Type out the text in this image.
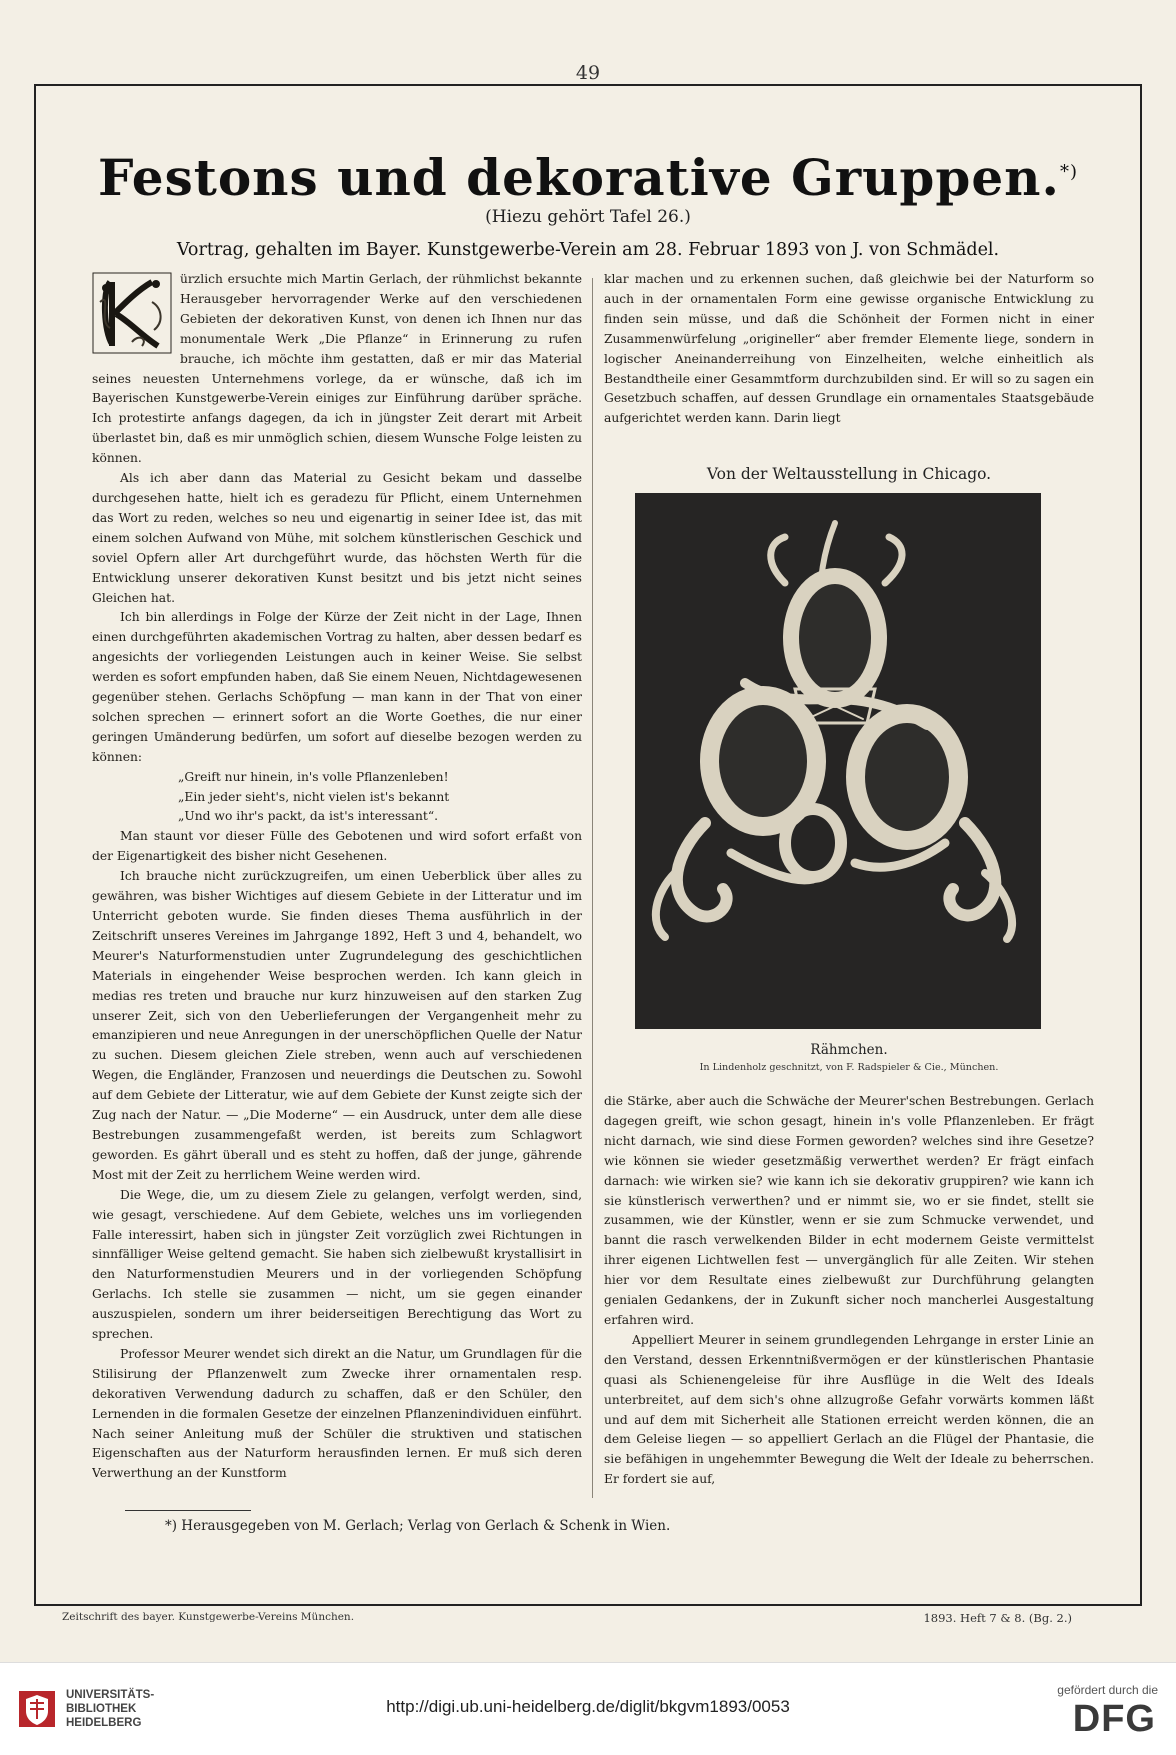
49
Festons und dekorative Gruppen.*)
(Hiezu gehört Tafel 26.)
Vortrag, gehalten im Bayer. Kunstgewerbe-Verein am 28. Februar 1893 von J. von Schmädel.

ürzlich ersuchte mich Martin Gerlach, der rühmlichst bekannte Herausgeber hervorragender Werke auf den verschiedenen Gebieten der dekorativen Kunst, von denen ich Ihnen nur das monumentale Werk „Die Pflanze“ in Erinnerung zu rufen brauche, ich möchte ihm gestatten, daß er mir das Material seines neuesten Unternehmens vorlege, da er wünsche, daß ich im Bayerischen Kunstgewerbe-Verein einiges zur Einführung darüber spräche. Ich protestirte anfangs dagegen, da ich in jüngster Zeit derart mit Arbeit überlastet bin, daß es mir unmöglich schien, diesem Wunsche Folge leisten zu können.

Als ich aber dann das Material zu Gesicht bekam und dasselbe durchgesehen hatte, hielt ich es geradezu für Pflicht, einem Unternehmen das Wort zu reden, welches so neu und eigenartig in seiner Idee ist, das mit einem solchen Aufwand von Mühe, mit solchem künstlerischen Geschick und soviel Opfern aller Art durchgeführt wurde, das höchsten Werth für die Entwicklung unserer dekorativen Kunst besitzt und bis jetzt nicht seines Gleichen hat.

Ich bin allerdings in Folge der Kürze der Zeit nicht in der Lage, Ihnen einen durchgeführten akademischen Vortrag zu halten, aber dessen bedarf es angesichts der vorliegenden Leistungen auch in keiner Weise. Sie selbst werden es sofort empfunden haben, daß Sie einem Neuen, Nichtdagewesenen gegenüber stehen. Gerlachs Schöpfung — man kann in der That von einer solchen sprechen — erinnert sofort an die Worte Goethes, die nur einer geringen Umänderung bedürfen, um sofort auf dieselbe bezogen werden zu können:

„Greift nur hinein, in's volle Pflanzenleben!

„Ein jeder sieht's, nicht vielen ist's bekannt

„Und wo ihr's packt, da ist's interessant“.

Man staunt vor dieser Fülle des Gebotenen und wird sofort erfaßt von der Eigenartigkeit des bisher nicht Gesehenen.

Ich brauche nicht zurückzugreifen, um einen Ueberblick über alles zu gewähren, was bisher Wichtiges auf diesem Gebiete in der Litteratur und im Unterricht geboten wurde. Sie finden dieses Thema ausführlich in der Zeitschrift unseres Vereines im Jahrgange 1892, Heft 3 und 4, behandelt, wo Meurer's Naturformenstudien unter Zugrundelegung des geschichtlichen Materials in eingehender Weise besprochen werden. Ich kann gleich in medias res treten und brauche nur kurz hinzuweisen auf den starken Zug unserer Zeit, sich von den Ueberlieferungen der Vergangenheit mehr zu emanzipieren und neue Anregungen in der unerschöpflichen Quelle der Natur zu suchen. Diesem gleichen Ziele streben, wenn auch auf verschiedenen Wegen, die Engländer, Franzosen und neuerdings die Deutschen zu. Sowohl auf dem Gebiete der Litteratur, wie auf dem Gebiete der Kunst zeigte sich der Zug nach der Natur. — „Die Moderne“ — ein Ausdruck, unter dem alle diese Bestrebungen zusammengefaßt werden, ist bereits zum Schlagwort geworden. Es gährt überall und es steht zu hoffen, daß der junge, gährende Most mit der Zeit zu herrlichem Weine werden wird.

Die Wege, die, um zu diesem Ziele zu gelangen, verfolgt werden, sind, wie gesagt, verschiedene. Auf dem Gebiete, welches uns im vorliegenden Falle interessirt, haben sich in jüngster Zeit vorzüglich zwei Richtungen in sinnfälliger Weise geltend gemacht. Sie haben sich zielbewußt krystallisirt in den Naturformenstudien Meurers und in der vorliegenden Schöpfung Gerlachs. Ich stelle sie zusammen — nicht, um sie gegen einander auszuspielen, sondern um ihrer beiderseitigen Berechtigung das Wort zu sprechen.

Professor Meurer wendet sich direkt an die Natur, um Grundlagen für die Stilisirung der Pflanzenwelt zum Zwecke ihrer ornamentalen resp. dekorativen Verwendung dadurch zu schaffen, daß er den Schüler, den Lernenden in die formalen Gesetze der einzelnen Pflanzenindividuen einführt. Nach seiner Anleitung muß der Schüler die struktiven und statischen Eigenschaften aus der Naturform herausfinden lernen. Er muß sich deren Verwerthung an der Kunstform

klar machen und zu erkennen suchen, daß gleichwie bei der Naturform so auch in der ornamentalen Form eine gewisse organische Entwicklung zu finden sein müsse, und daß die Schönheit der Formen nicht in einer Zusammenwürfelung „origineller“ aber fremder Elemente liege, sondern in logischer Aneinanderreihung von Einzelheiten, welche einheitlich als Bestandtheile einer Gesammtform durchzubilden sind. Er will so zu sagen ein Gesetzbuch schaffen, auf dessen Grundlage ein ornamentales Staatsgebäude aufgerichtet werden kann. Darin liegt

Von der Weltausstellung in Chicago.
Rähmchen.
In Lindenholz geschnitzt, von F. Radspieler & Cie., München.

die Stärke, aber auch die Schwäche der Meurer'schen Bestrebungen. Gerlach dagegen greift, wie schon gesagt, hinein in's volle Pflanzenleben. Er frägt nicht darnach, wie sind diese Formen geworden? welches sind ihre Gesetze? wie können sie wieder gesetzmäßig verwerthet werden? Er frägt einfach darnach: wie wirken sie? wie kann ich sie dekorativ gruppiren? wie kann ich sie künstlerisch verwerthen? und er nimmt sie, wo er sie findet, stellt sie zusammen, wie der Künstler, wenn er sie zum Schmucke verwendet, und bannt die rasch verwelkenden Bilder in echt modernem Geiste vermittelst ihrer eigenen Lichtwellen fest — unvergänglich für alle Zeiten. Wir stehen hier vor dem Resultate eines zielbewußt zur Durchführung gelangten genialen Gedankens, der in Zukunft sicher noch mancherlei Ausgestaltung erfahren wird.

Appelliert Meurer in seinem grundlegenden Lehrgange in erster Linie an den Verstand, dessen Erkenntnißvermögen er der künstlerischen Phantasie quasi als Schienengeleise für ihre Ausflüge in die Welt des Ideals unterbreitet, auf dem sich's ohne allzugroße Gefahr vorwärts kommen läßt und auf dem mit Sicherheit alle Stationen erreicht werden können, die an dem Geleise liegen — so appelliert Gerlach an die Flügel der Phantasie, die sie befähigen in ungehemmter Bewegung die Welt der Ideale zu beherrschen. Er fordert sie auf,

*) Herausgegeben von M. Gerlach; Verlag von Gerlach & Schenk in Wien.
Zeitschrift des bayer. Kunstgewerbe-Vereins München.	1893. Heft 7 & 8. (Bg. 2.)
UNIVERSITÄTS-
BIBLIOTHEK
HEIDELBERG
http://digi.ub.uni-heidelberg.de/diglit/bkgvm1893/0053
gefördert durch die
DFG
